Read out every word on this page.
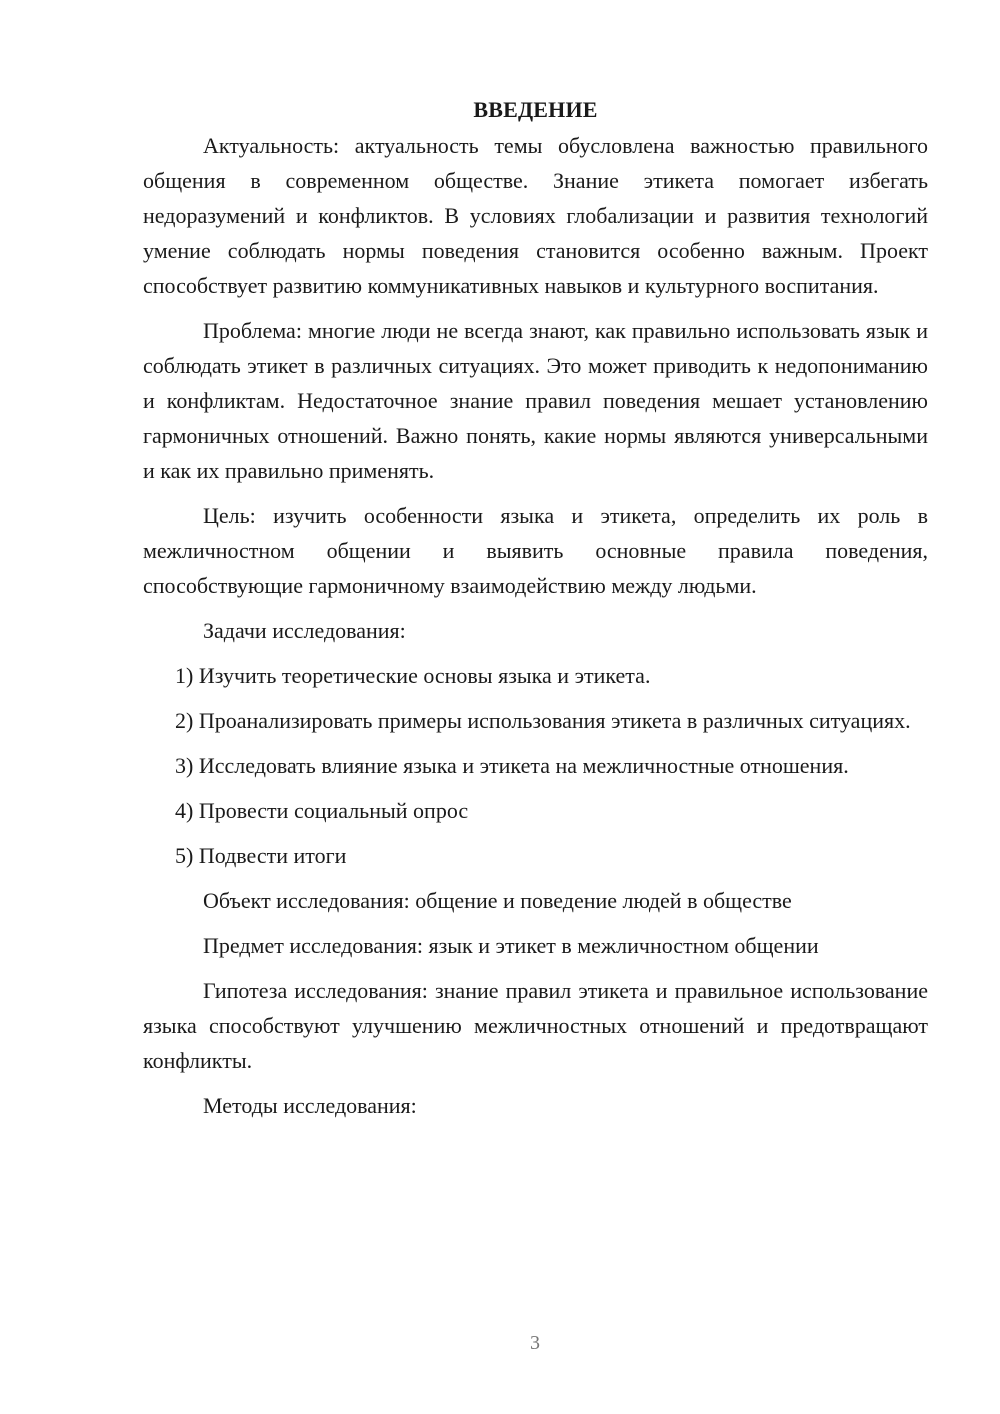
ВВЕДЕНИЕ

Актуальность: актуальность темы обусловлена важностью правильного общения в современном обществе. Знание этикета помогает избегать недоразумений и конфликтов. В условиях глобализации и развития технологий умение соблюдать нормы поведения становится особенно важным. Проект способствует развитию коммуникативных навыков и культурного воспитания.

Проблема: многие люди не всегда знают, как правильно использовать язык и соблюдать этикет в различных ситуациях. Это может приводить к недопониманию и конфликтам. Недостаточное знание правил поведения мешает установлению гармоничных отношений. Важно понять, какие нормы являются универсальными и как их правильно применять.

Цель: изучить особенности языка и этикета, определить их роль в межличностном общении и выявить основные правила поведения, способствующие гармоничному взаимодействию между людьми.

Задачи исследования:

1) Изучить теоретические основы языка и этикета.

2) Проанализировать примеры использования этикета в различных ситуациях.

3) Исследовать влияние языка и этикета на межличностные отношения.

4) Провести социальный опрос

5) Подвести итоги

Объект исследования: общение и поведение людей в обществе

Предмет исследования: язык и этикет в межличностном общении

Гипотеза исследования: знание правил этикета и правильное использование языка способствуют улучшению межличностных отношений и предотвращают конфликты.

Методы исследования:

3
